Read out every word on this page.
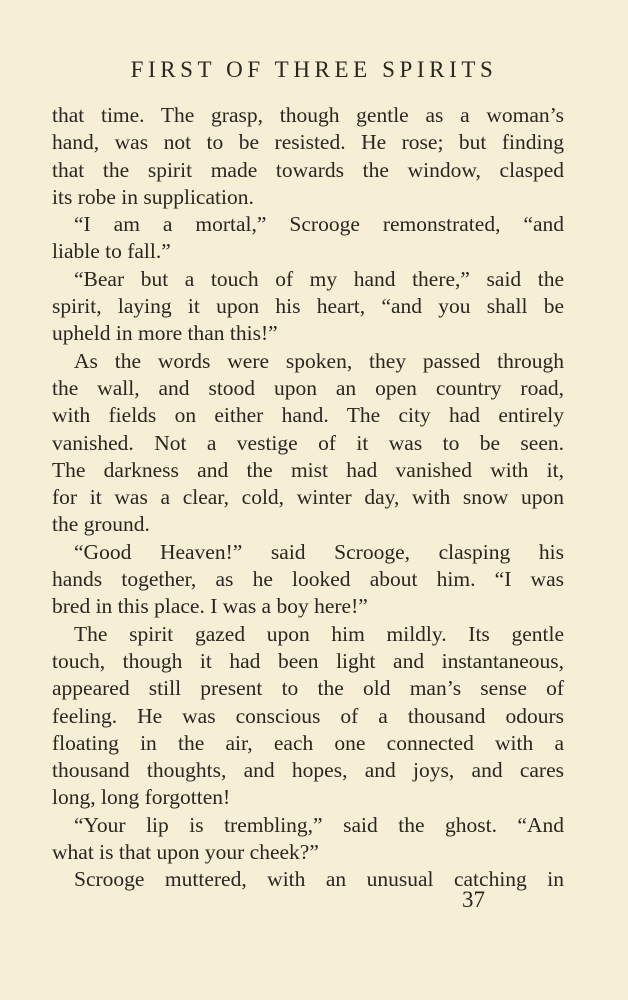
FIRST OF THREE SPIRITS
that time. The grasp, though gentle as a woman’s
hand, was not to be resisted. He rose; but finding
that the spirit made towards the window, clasped
its robe in supplication.
“I am a mortal,” Scrooge remonstrated, “and
liable to fall.”
“Bear but a touch of my hand there,” said the
spirit, laying it upon his heart, “and you shall be
upheld in more than this!”
As the words were spoken, they passed through
the wall, and stood upon an open country road,
with fields on either hand. The city had entirely
vanished. Not a vestige of it was to be seen.
The darkness and the mist had vanished with it,
for it was a clear, cold, winter day, with snow upon
the ground.
“Good Heaven!” said Scrooge, clasping his
hands together, as he looked about him. “I was
bred in this place. I was a boy here!”
The spirit gazed upon him mildly. Its gentle
touch, though it had been light and instantaneous,
appeared still present to the old man’s sense of
feeling. He was conscious of a thousand odours
floating in the air, each one connected with a
thousand thoughts, and hopes, and joys, and cares
long, long forgotten!
“Your lip is trembling,” said the ghost. “And
what is that upon your cheek?”
Scrooge muttered, with an unusual catching in
37
